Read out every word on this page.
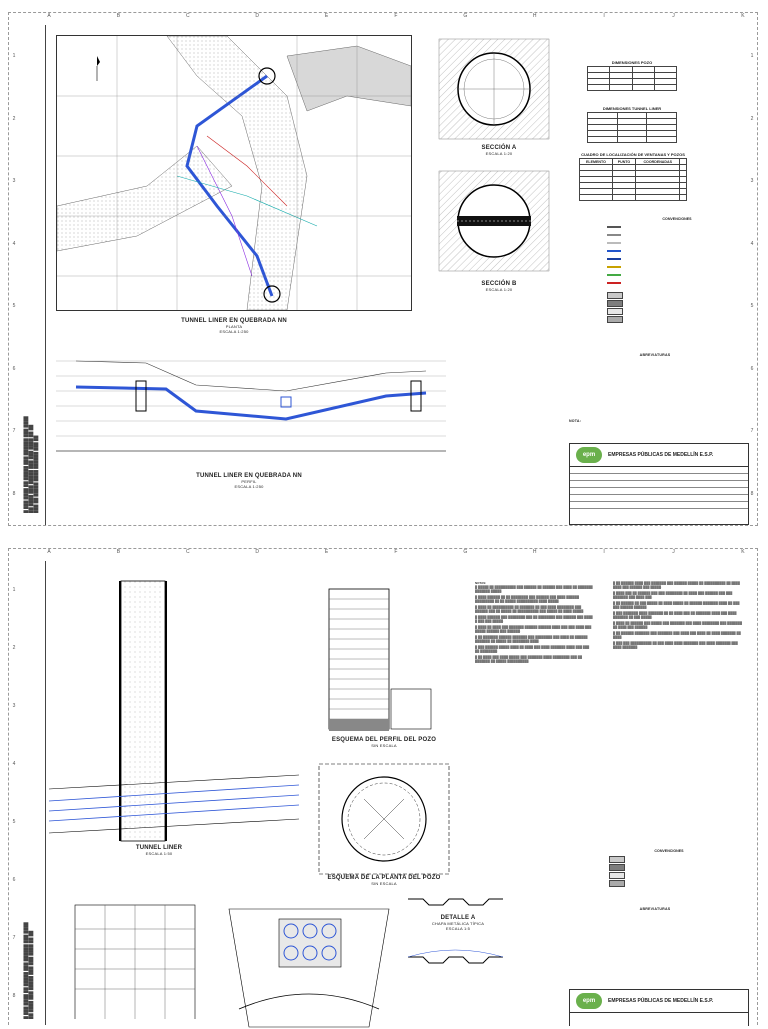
A	B	C	D	E	F	G	H	I	J	K
1
2
3
4
5
6
7
8
1
2
3
4
5
6
7
8
█ ███ ████ ██ █████ ███ ██████ ███ ████
██ ████ ███ █████ ███ ███ ████ ██ ██
███ ██ █████ ████ ██████ ███ ██
TUNNEL LINER EN QUEBRADA NN
PLANTA
ESCALA 1:250
TUNNEL LINER EN QUEBRADA NN
PERFIL
ESCALA 1:250
SECCIÓN A
ESCALA 1:20
SECCIÓN B
ESCALA 1:20
DIMENSIONES POZO

DIMENSIONES TUNNEL LINER

CUADRO DE LOCALIZACIÓN DE VENTANAS Y POZOS
ELEMENTO	PUNTO	COORDENADAS	

CONVENCIONES
ABREVIATURAS
NOTA:
epm	EMPRESAS PÚBLICAS DE MEDELLÍN E.S.P.
A	B	C	D	E	F	G	H	I	J	K
1
2
3
4
5
6
7
8 █ ███ ████ ██ █████ ███ ██████ ███ ████
██ ████ ███ █████ ███ ███ ████ ██ ██
TUNNEL LINER
ESCALA 1:50
ESQUEMA DEL PERFIL DEL POZO
SIN ESCALA
ESQUEMA DE LA PLANTA DEL POZO
SIN ESCALA
NOTAS:

█ █████ ██ ██████████ ███ ██████ ██ ██████ ███ ████ ██ ███████ ███████ █████.

█ ████ ██████ ██ ██ ████████ ███ ██████ ███ ████ ██████ █████████ ██ ██ █████ ██████████ ████ █████.

█ ████ ██ ██████████ ██ ███████ ██ ███ ████ ████████ ███ ██████ ███ ██ █████ ██ ██████████ ███ █████ ██ ████ █████.

█ ████ ██████ ███ ████████ ███ ██ ████████ ███ ██████ ███ ████ █ ███ ███ █████.

█ ████ ██ ████ ███ ███████ ██████ ██████ ████ ███ ███ ████ ███ █████ ██████ ███ ██████.

█ ██ ███████ ██████ ███████ ███ ████████ ███ ████ ██ ██████ ███████ ██ █████ ██ ████████ ████.

█ ███ ██████ █████ ████ ██ ████ ███ ████ ███████ ████ ███ ███ ██ ████████.

█ ██ ████ ███ ████ █████ ███ ███████ ████ ████████ ███ ██ ███████ ██ █████ ██████████.

█ ██ ██████ ████ ███ ███████ ███ ██████ █████ ██ ██████████ ██ ████ ████ ███ ██████ ███ █████.

█ ████ ███ ██ ██████ ███ ███ ████████ ██ ████ ███ ██████ ███ ███ ███████ ███ ████ ███.

█ ██ ██████ ██ ███ █████ ██ ████ █████ ██ ██████ ███████ ████ ██ ███ ███ ██████ ██████.

█ ███ ███████ ████ ███████ ██ ██ ████ ███ ██ ███████ ████ ███ ████ ███████ ██ ███ █████.

█ ████ ██ ██████ ███ █████ ███ ███████ ███ ████ ████████ ███ ███████ ██ ████ ███ ██████.

█ ██ ██████ ███████ ███ ███████ ███ ████ ███ ████ ██ ████ ███████ ██ ████.

█ ███ ███ ██████████ ██ ███ ████ ████ ███████ ███ ████ ███████ ███ ████ ███████.

CONVENCIONES
ABREVIATURAS
DETALLE A
CHAPA METÁLICA TÍPICA
ESCALA 1:5
epm	EMPRESAS PÚBLICAS DE MEDELLÍN E.S.P.
